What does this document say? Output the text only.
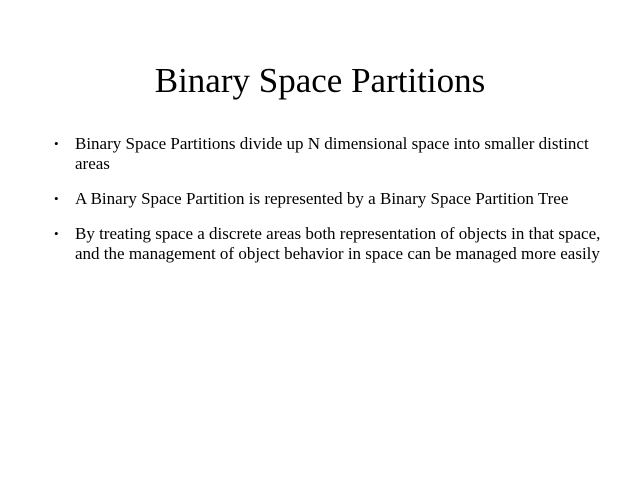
Binary Space Partitions
• Binary Space Partitions divide up N dimensional space into smaller distinct areas
• A Binary Space Partition is represented by a Binary Space Partition Tree
• By treating space a discrete areas both representation of objects in that space, and the management of object behavior in space can be managed more easily
